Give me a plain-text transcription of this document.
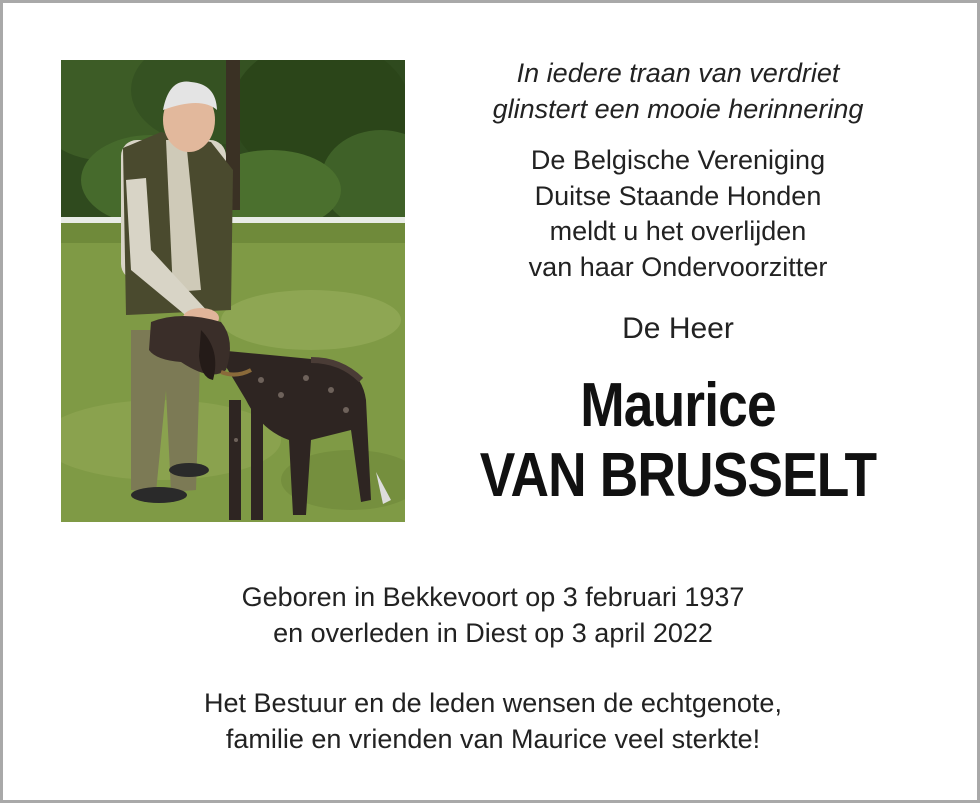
In iedere traan van verdriet
glinstert een mooie herinnering
De Belgische Vereniging
Duitse Staande Honden
meldt u het overlijden
van haar Ondervoorzitter
De Heer
Maurice
VAN BRUSSELT
Geboren in Bekkevoort op 3 februari 1937
en overleden in Diest op 3 april 2022
Het Bestuur en de leden wensen de echtgenote,
familie en vrienden van Maurice veel sterkte!
